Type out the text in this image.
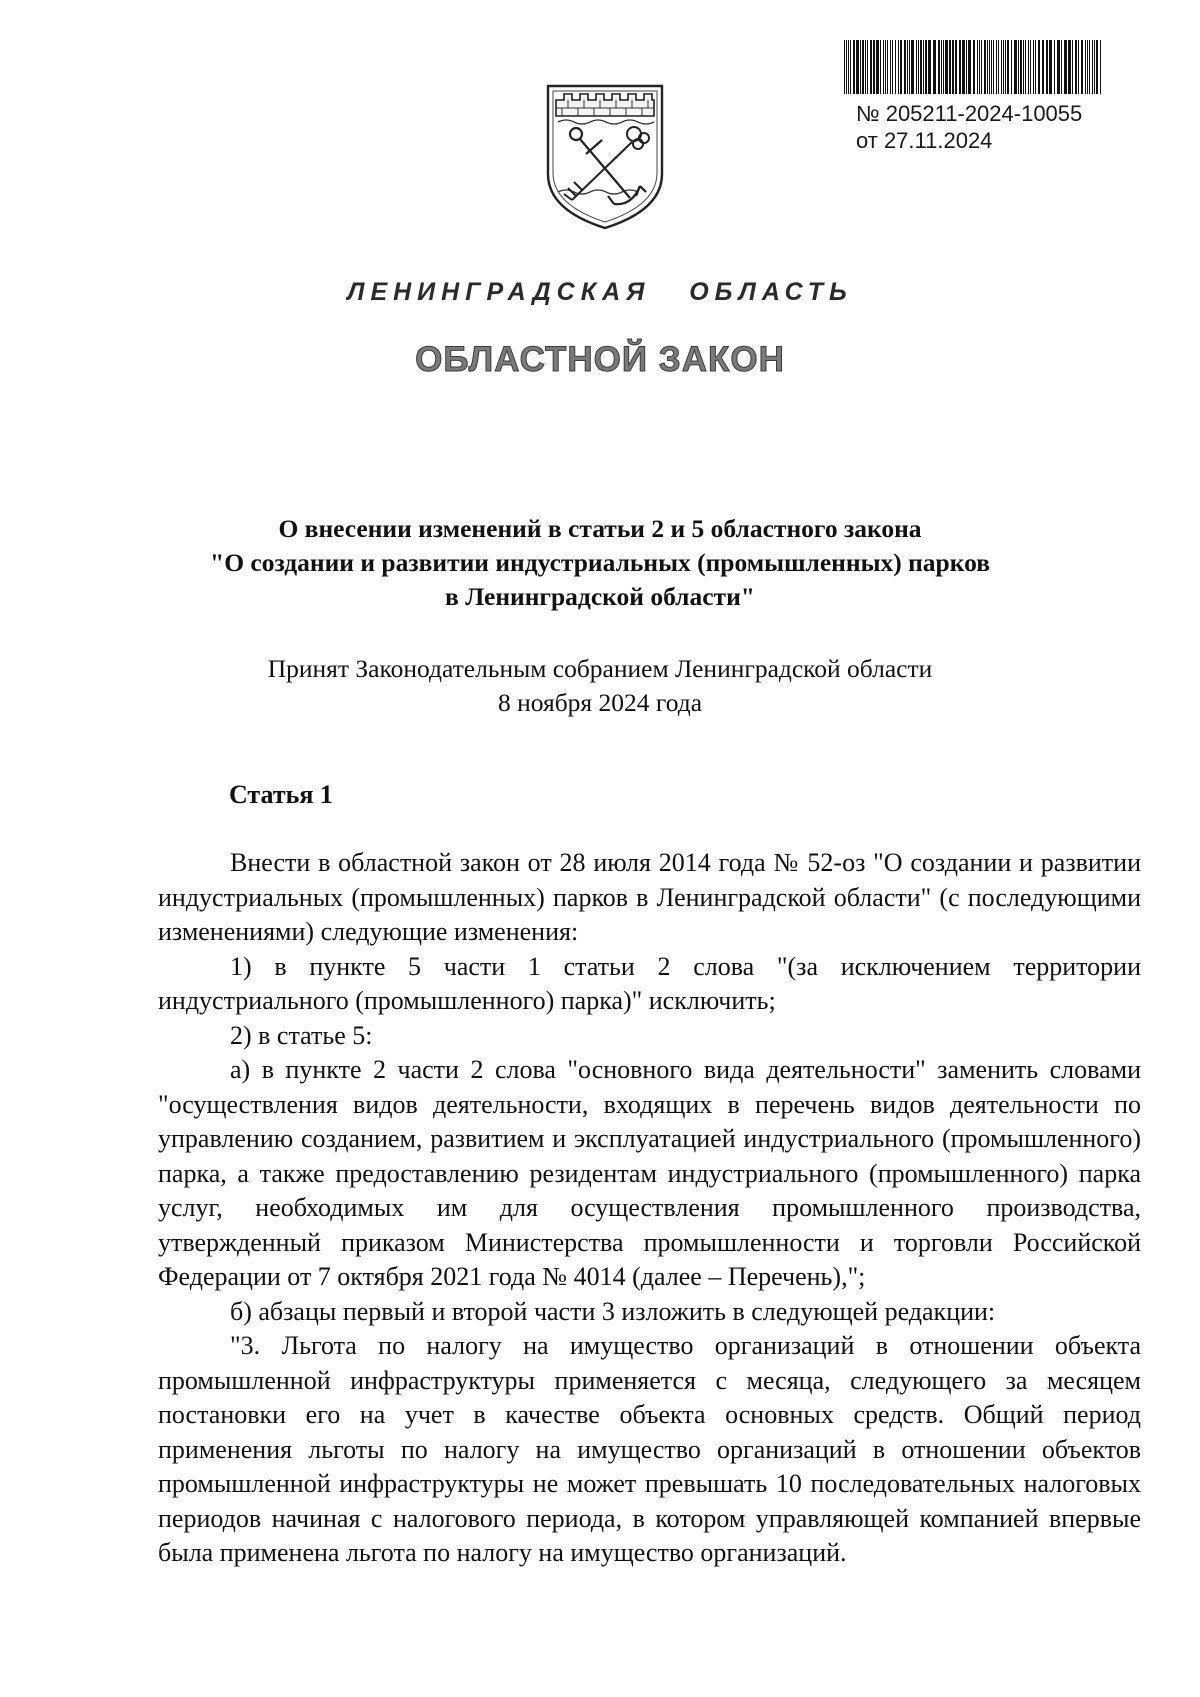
№ 205211-2024-10055
от 27.11.2024
ЛЕНИНГРАДСКАЯ   ОБЛАСТЬ
ОБЛАСТНОЙ ЗАКОН
О внесении изменений в статьи 2 и 5 областного закона
"О создании и развитии индустриальных (промышленных) парков
в Ленинградской области"
Принят Законодательным собранием Ленинградской области
8 ноября 2024 года
Статья 1

Внести в областной закон от 28 июля 2014 года № 52-оз "О создании и развитии индустриальных (промышленных) парков в Ленинградской области" (с последующими изменениями) следующие изменения:

1) в пункте 5 части 1 статьи 2 слова "(за исключением территории индустриального (промышленного) парка)" исключить;

2) в статье 5:

а) в пункте 2 части 2 слова "основного вида деятельности" заменить словами "осуществления видов деятельности, входящих в перечень видов деятельности по управлению созданием, развитием и эксплуатацией индустриального (промышленного) парка, а также предоставлению резидентам индустриального (промышленного) парка услуг, необходимых им для осуществления промышленного производства, утвержденный приказом Министерства промышленности и торговли Российской Федерации от 7 октября 2021 года № 4014 (далее – Перечень),";

б) абзацы первый и второй части 3 изложить в следующей редакции:

"3. Льгота по налогу на имущество организаций в отношении объекта промышленной инфраструктуры применяется с месяца, следующего за месяцем постановки его на учет в качестве объекта основных средств. Общий период применения льготы по налогу на имущество организаций в отношении объектов промышленной инфраструктуры не может превышать 10 последовательных налоговых периодов начиная с налогового периода, в котором управляющей компанией впервые была применена льгота по налогу на имущество организаций.
